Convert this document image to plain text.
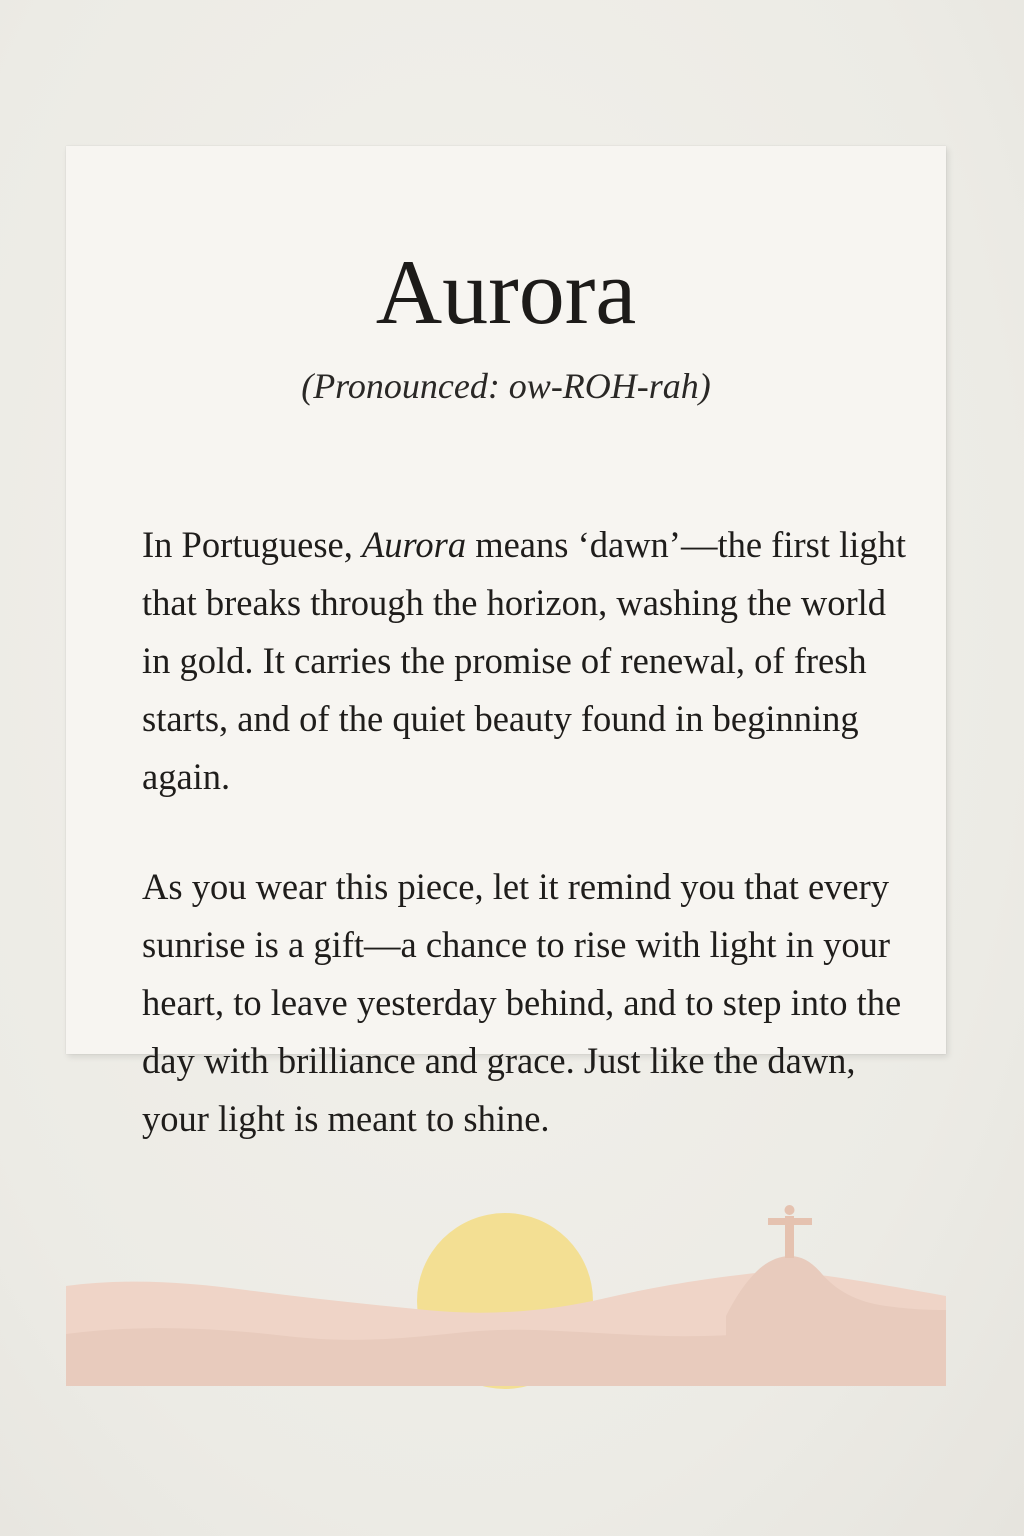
Aurora
(Pronounced: ow-ROH-rah)

In Portuguese, Aurora means ‘dawn’—the first light that breaks through the horizon, washing the world in gold. It carries the promise of renewal, of fresh starts, and of the quiet beauty found in beginning again.

As you wear this piece, let it remind you that every sunrise is a gift—a chance to rise with light in your heart, to leave yesterday behind, and to step into the day with brilliance and grace. Just like the dawn, your light is meant to shine.
